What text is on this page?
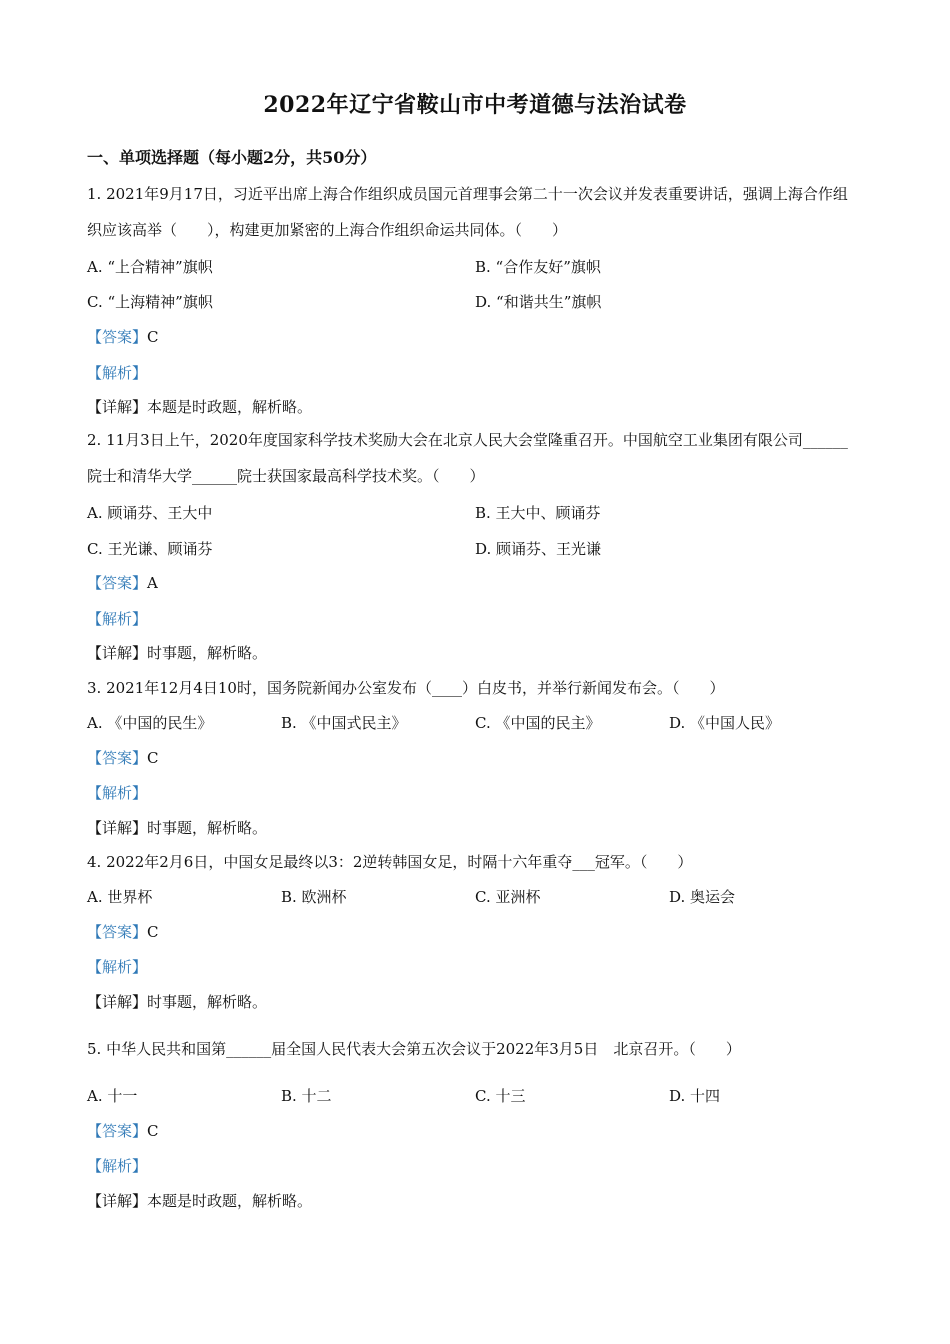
2022年辽宁省鞍山市中考道德与法治试卷
一、单项选择题（每小题2分，共50分）
1. 2021年9月17日，习近平出席上海合作组织成员国元首理事会第二十一次会议并发表重要讲话，强调上海合作组织应该高举（　　），构建更加紧密的上海合作组织命运共同体。（　　）
A. “上合精神”旗帜	B. “合作友好”旗帜
C. “上海精神”旗帜	D. “和谐共生”旗帜
【答案】C
【解析】
【详解】本题是时政题，解析略。
2. 11月3日上午，2020年度国家科学技术奖励大会在北京人民大会堂隆重召开。中国航空工业集团有限公司______院士和清华大学______院士获国家最高科学技术奖。（　　）
A. 顾诵芬、王大中	B. 王大中、顾诵芬
C. 王光谦、顾诵芬	D. 顾诵芬、王光谦
【答案】A
【解析】
【详解】时事题，解析略。
3. 2021年12月4日10时，国务院新闻办公室发布（____）白皮书，并举行新闻发布会。（　　）
A. 《中国的民生》	B. 《中国式民主》	C. 《中国的民主》	D. 《中国人民》
【答案】C
【解析】
【详解】时事题，解析略。
4. 2022年2月6日，中国女足最终以3：2逆转韩国女足，时隔十六年重夺___冠军。（　　）
A. 世界杯	B. 欧洲杯	C. 亚洲杯	D. 奥运会
【答案】C
【解析】
【详解】时事题，解析略。
5. 中华人民共和国第______届全国人民代表大会第五次会议于2022年3月5日　北京召开。（　　）
A. 十一	B. 十二	C. 十三	D. 十四
【答案】C
【解析】
【详解】本题是时政题，解析略。
